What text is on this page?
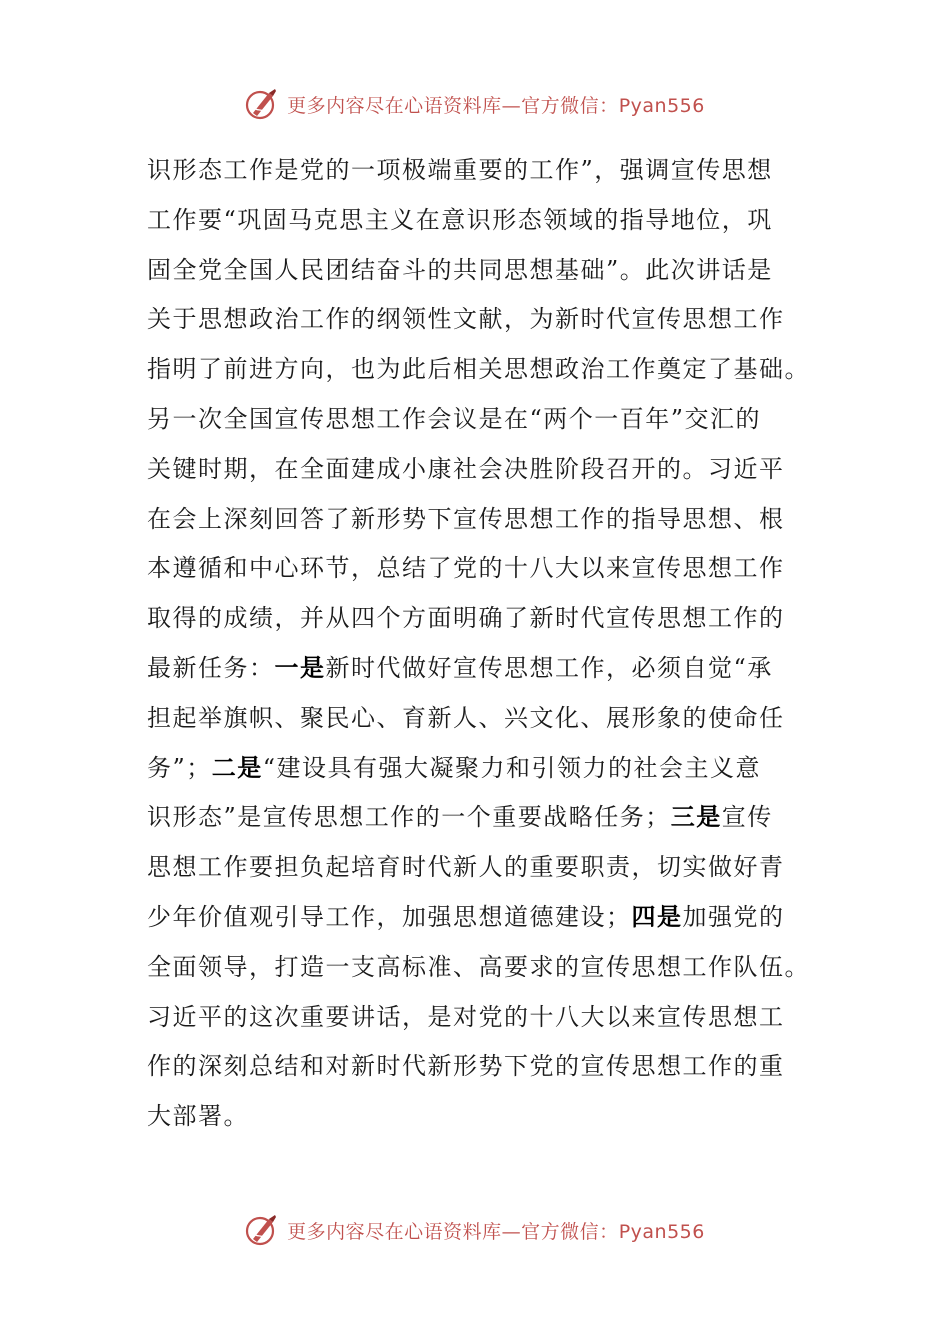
更多内容尽在心语资料库—官方微信：Pyan556
识形态工作是党的一项极端重要的工作”，强调宣传思想
工作要“巩固马克思主义在意识形态领域的指导地位，巩
固全党全国人民团结奋斗的共同思想基础”。此次讲话是
关于思想政治工作的纲领性文献，为新时代宣传思想工作
指明了前进方向，也为此后相关思想政治工作奠定了基础。
另一次全国宣传思想工作会议是在“两个一百年”交汇的
关键时期，在全面建成小康社会决胜阶段召开的。习近平
在会上深刻回答了新形势下宣传思想工作的指导思想、根
本遵循和中心环节，总结了党的十八大以来宣传思想工作
取得的成绩，并从四个方面明确了新时代宣传思想工作的
最新任务：一是新时代做好宣传思想工作，必须自觉“承
担起举旗帜、聚民心、育新人、兴文化、展形象的使命任
务”；二是“建设具有强大凝聚力和引领力的社会主义意
识形态”是宣传思想工作的一个重要战略任务；三是宣传
思想工作要担负起培育时代新人的重要职责，切实做好青
少年价值观引导工作，加强思想道德建设；四是加强党的
全面领导，打造一支高标准、高要求的宣传思想工作队伍。
习近平的这次重要讲话，是对党的十八大以来宣传思想工
作的深刻总结和对新时代新形势下党的宣传思想工作的重
大部署。
更多内容尽在心语资料库—官方微信：Pyan556
